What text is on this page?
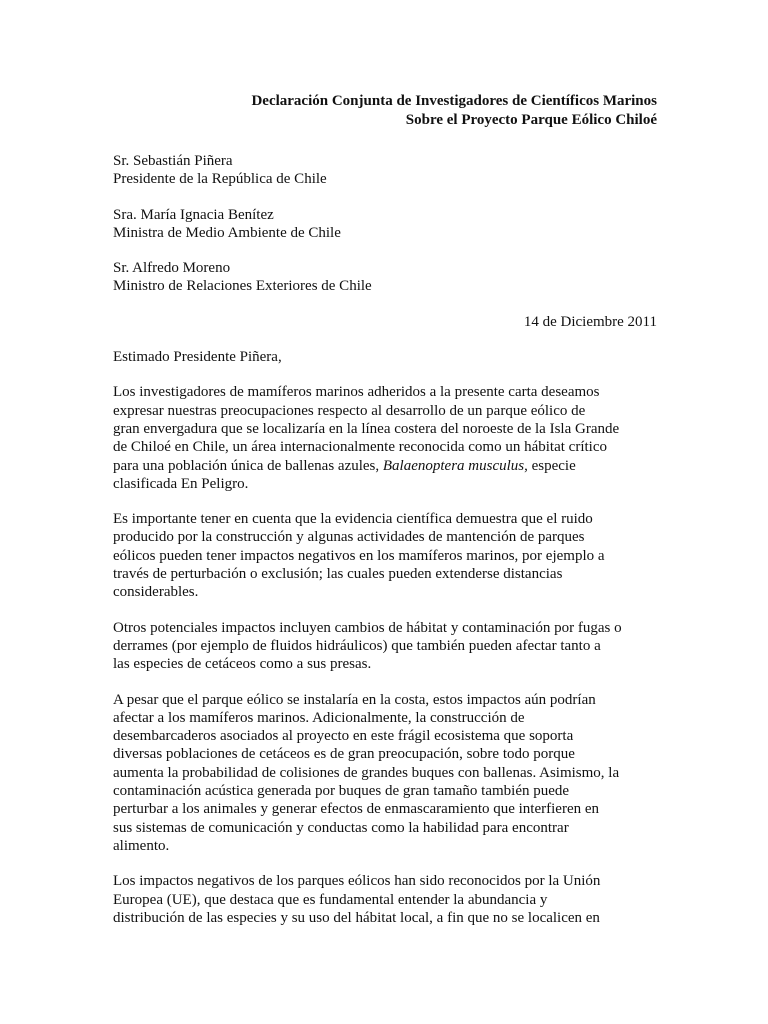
Declaración Conjunta de Investigadores de Científicos Marinos
Sobre el Proyecto Parque Eólico Chiloé
Sr. Sebastián Piñera
Presidente de la República de Chile
Sra. María Ignacia Benítez
Ministra de Medio Ambiente de Chile
Sr. Alfredo Moreno
Ministro de Relaciones Exteriores de Chile
14 de Diciembre 2011
Estimado Presidente Piñera,
Los investigadores de mamíferos marinos adheridos a la presente carta deseamos
expresar nuestras preocupaciones respecto al desarrollo de un parque eólico de
gran envergadura que se localizaría en la línea costera del noroeste de la Isla Grande
de Chiloé en Chile, un área internacionalmente reconocida como un hábitat crítico
para una población única de ballenas azules, Balaenoptera musculus, especie
clasificada En Peligro.
Es importante tener en cuenta que la evidencia científica demuestra que el ruido
producido por la construcción y algunas actividades de mantención de parques
eólicos pueden tener impactos negativos en los mamíferos marinos, por ejemplo a
través de perturbación o exclusión; las cuales pueden extenderse distancias
considerables.
Otros potenciales impactos incluyen cambios de hábitat y contaminación por fugas o
derrames (por ejemplo de fluidos hidráulicos) que también pueden afectar tanto a
las especies de cetáceos como a sus presas.
A pesar que el parque eólico se instalaría en la costa, estos impactos aún podrían
afectar a los mamíferos marinos. Adicionalmente, la construcción de
desembarcaderos asociados al proyecto en este frágil ecosistema que soporta
diversas poblaciones de cetáceos es de gran preocupación, sobre todo porque
aumenta la probabilidad de colisiones de grandes buques con ballenas. Asimismo, la
contaminación acústica generada por buques de gran tamaño también puede
perturbar a los animales y generar efectos de enmascaramiento que interfieren en
sus sistemas de comunicación y conductas como la habilidad para encontrar
alimento.
Los impactos negativos de los parques eólicos han sido reconocidos por la Unión
Europea (UE), que destaca que es fundamental entender la abundancia y
distribución de las especies y su uso del hábitat local, a fin que no se localicen en
